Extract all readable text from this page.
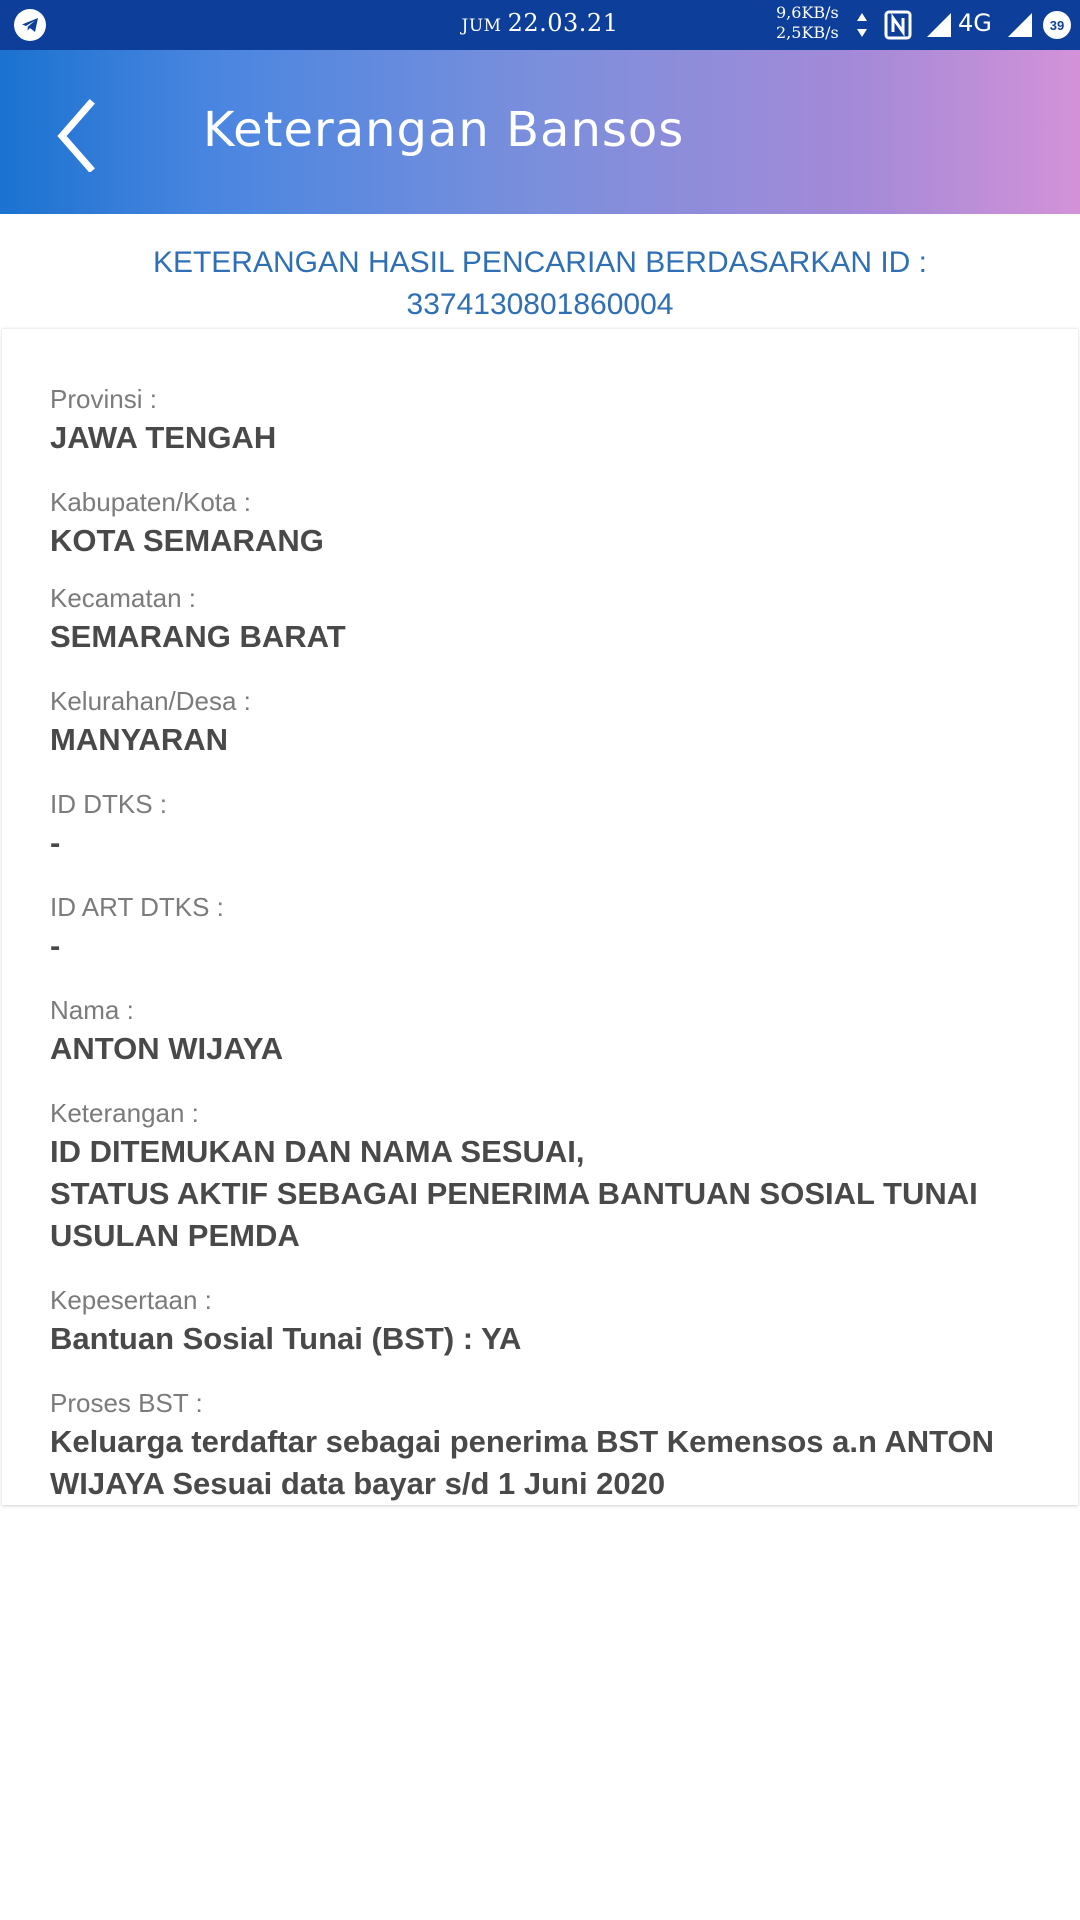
JUM 22.03.21	9,6KB/s
2,5KB/s	4G	39
Keterangan Bansos
KETERANGAN HASIL PENCARIAN BERDASARKAN ID :
3374130801860004
Provinsi :
JAWA TENGAH
Kabupaten/Kota :
KOTA SEMARANG
Kecamatan :
SEMARANG BARAT
Kelurahan/Desa :
MANYARAN
ID DTKS :
-
ID ART DTKS :
-
Nama :
ANTON WIJAYA
Keterangan :
ID DITEMUKAN DAN NAMA SESUAI,
STATUS AKTIF SEBAGAI PENERIMA BANTUAN SOSIAL TUNAI USULAN PEMDA
Kepesertaan :
Bantuan Sosial Tunai (BST) : YA
Proses BST :
Keluarga terdaftar sebagai penerima BST Kemensos a.n ANTON WIJAYA Sesuai data bayar s/d 1 Juni 2020
